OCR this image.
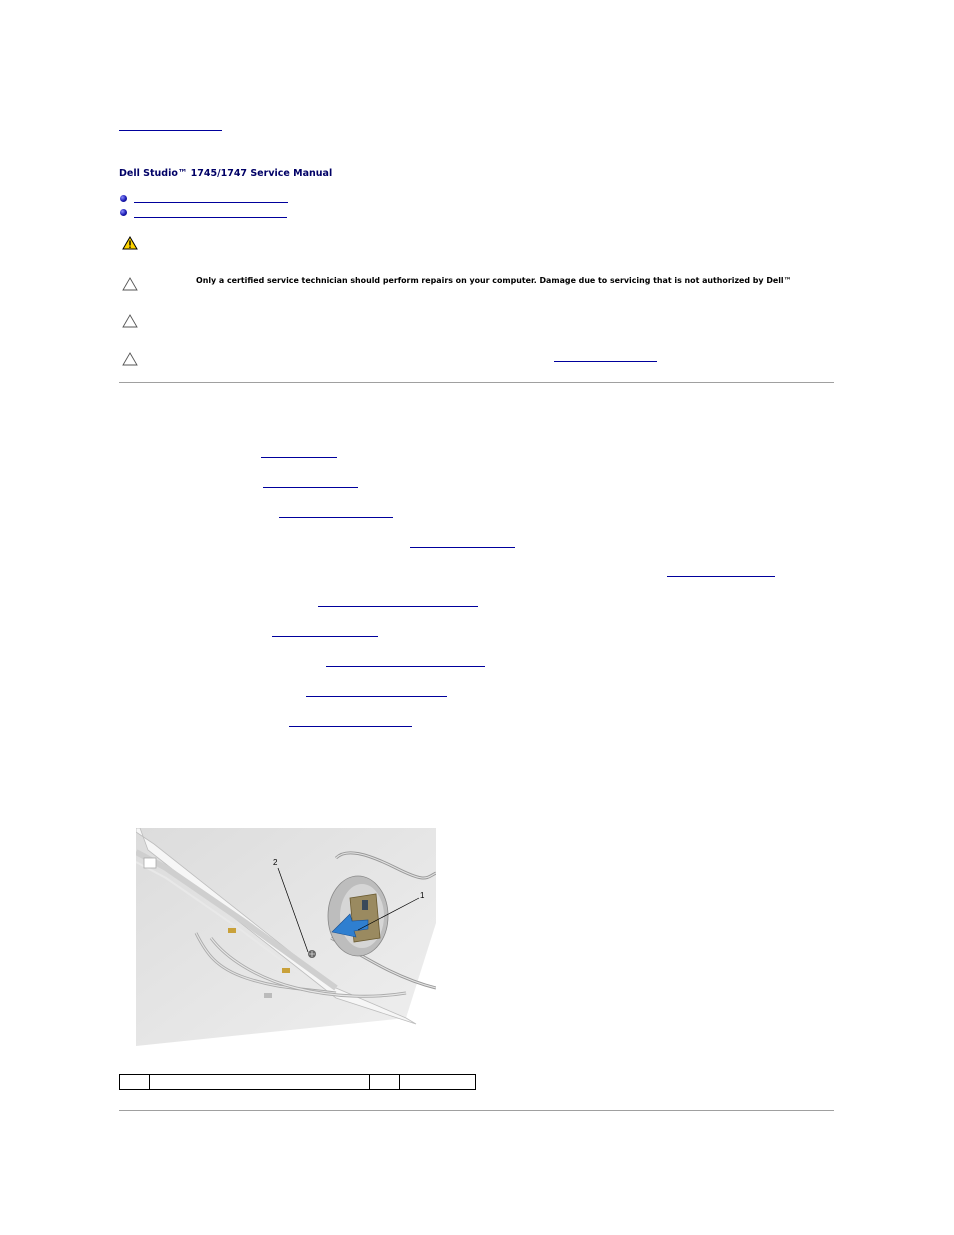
Dell Studio™ 1745/1747 Service Manual
Only a certified service technician should perform repairs on your computer. Damage due to servicing that is not authorized by Dell™
2
1
